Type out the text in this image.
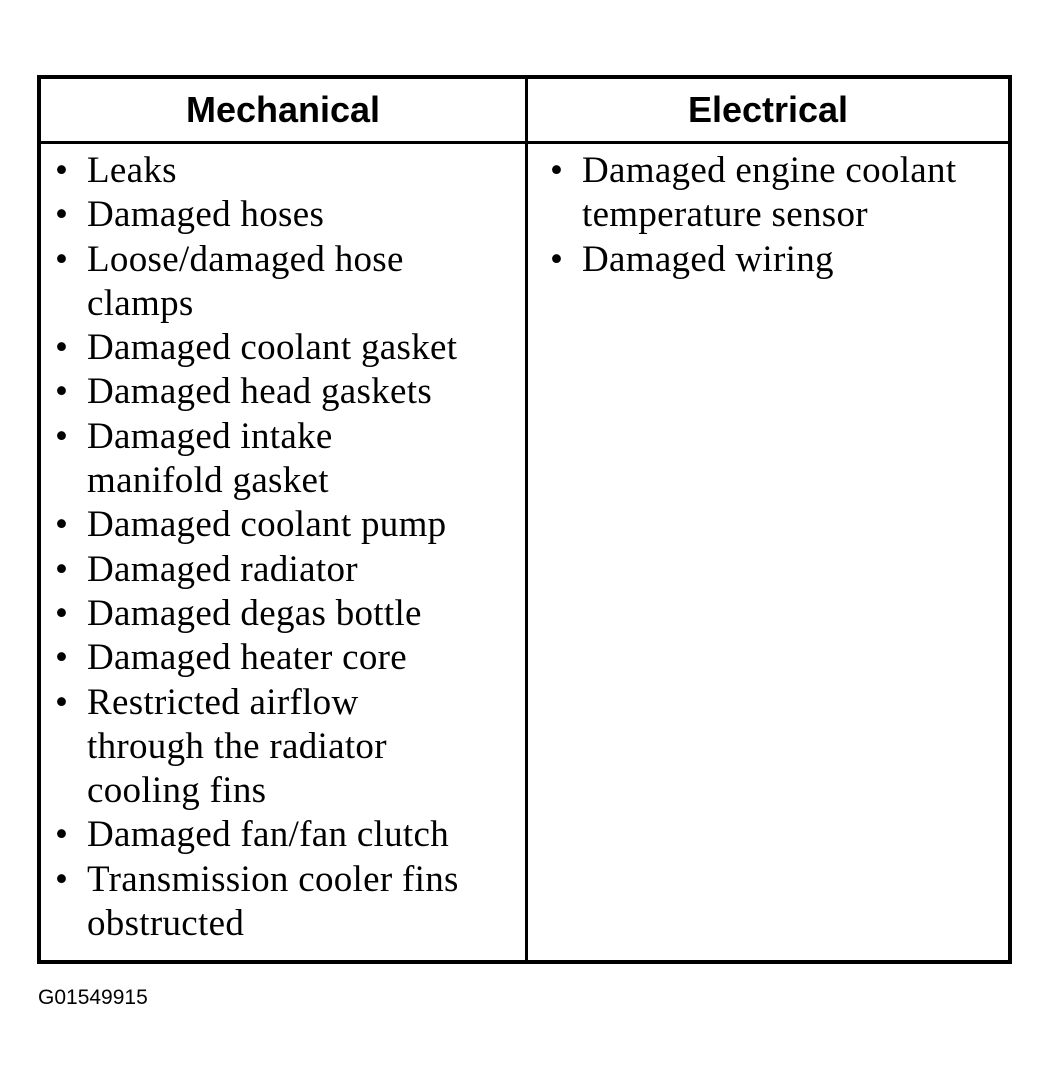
Mechanical	Electrical
• Leaks
• Damaged hoses
• Loose/damaged hose
clamps
• Damaged coolant gasket
• Damaged head gaskets
• Damaged intake
manifold gasket
• Damaged coolant pump
• Damaged radiator
• Damaged degas bottle
• Damaged heater core
• Restricted airflow
through the radiator
cooling fins
• Damaged fan/fan clutch
• Transmission cooler fins
obstructed
• Damaged engine coolant
temperature sensor
• Damaged wiring
G01549915
